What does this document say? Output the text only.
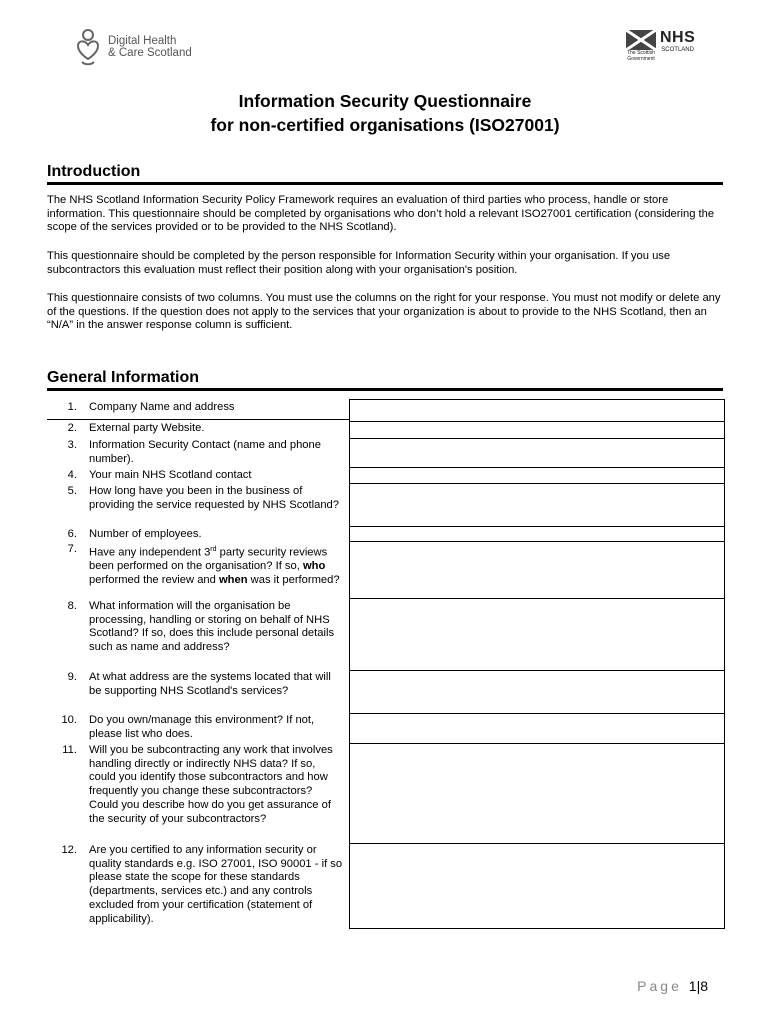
Digital Health
& Care Scotland	The Scottish
Government
NHS
SCOTLAND
Information Security Questionnaire
for non-certified organisations (ISO27001)
Introduction
The NHS Scotland Information Security Policy Framework requires an evaluation of third parties who process, handle or store information. This questionnaire should be completed by organisations who don’t hold a relevant ISO27001 certification (considering the scope of the services provided or to be provided to the NHS Scotland).
This questionnaire should be completed by the person responsible for Information Security within your organisation. If you use subcontractors this evaluation must reflect their position along with your organisation's position.
This questionnaire consists of two columns. You must use the columns on the right for your response. You must not modify or delete any of the questions. If the question does not apply to the services that your organization is about to provide to the NHS Scotland, then an “N/A” in the answer response column is sufficient.
General Information
1. Company Name and address
2. External party Website.
3. Information Security Contact (name and phone number).
4. Your main NHS Scotland contact
5. How long have you been in the business of providing the service requested by NHS Scotland?
6. Number of employees.
7. Have any independent 3rd party security reviews been performed on the organisation? If so, who performed the review and when was it performed?
8. What information will the organisation be processing, handling or storing on behalf of NHS Scotland? If so, does this include personal details such as name and address?
9. At what address are the systems located that will be supporting NHS Scotland's services?
10. Do you own/manage this environment? If not, please list who does.
11. Will you be subcontracting any work that involves handling directly or indirectly NHS data? If so, could you identify those subcontractors and how frequently you change these subcontractors? Could you describe how do you get assurance of the security of your subcontractors?
12. Are you certified to any information security or quality standards e.g. ISO 27001, ISO 90001 - if so please state the scope for these standards (departments, services etc.) and any controls excluded from your certification (statement of applicability).
Page 1|8
